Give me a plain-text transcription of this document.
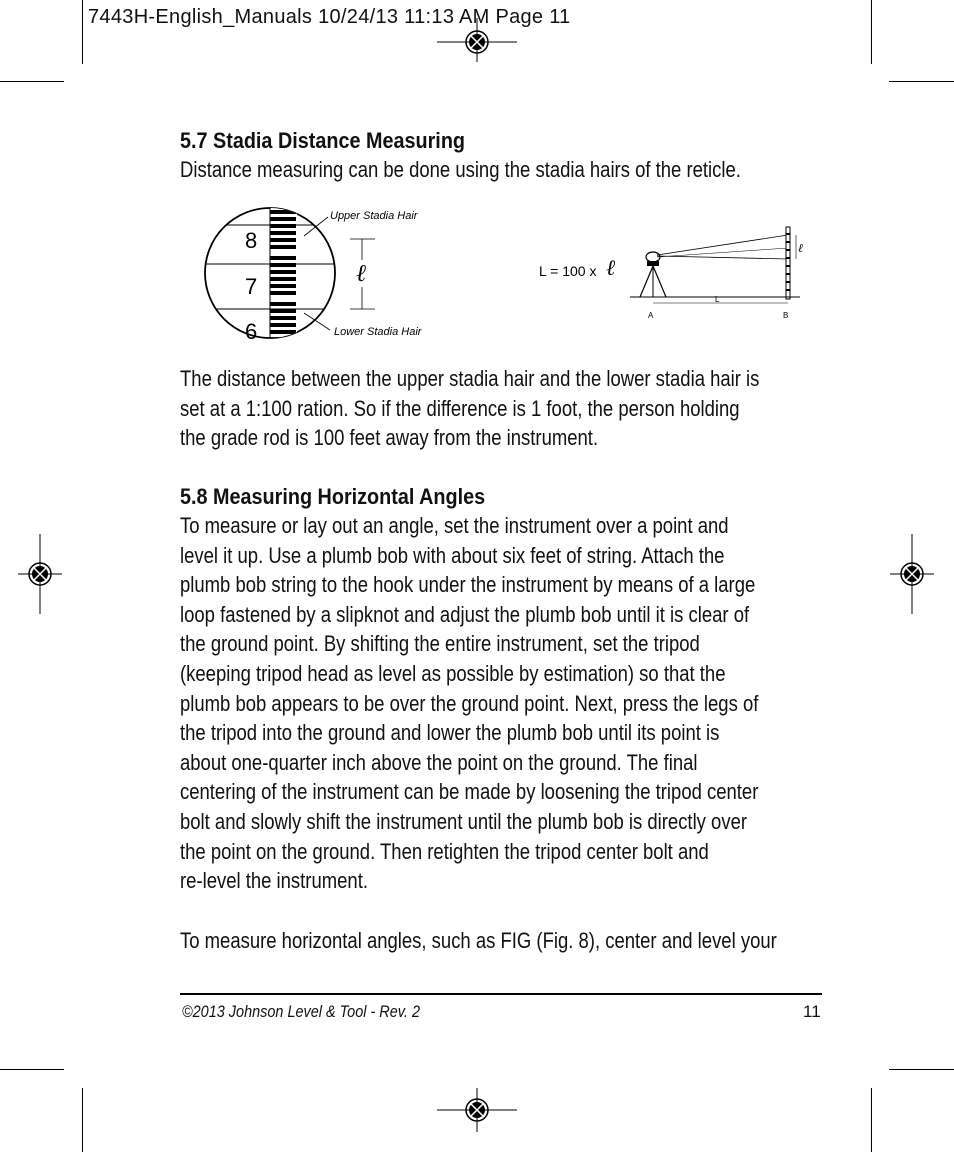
7443H-English_Manuals 10/24/13 11:13 AM Page 11
5.7 Stadia Distance Measuring

Distance measuring can be done using the stadia hairs of the reticle.

8
7
6
Upper Stadia Hair
Lower Stadia Hair
ℓ	L = 100 x ℓ
ℓ
A	B
L

The distance between the upper stadia hair and the lower stadia hair is
set at a 1:100 ration. So if the difference is 1 foot, the person holding
the grade rod is 100 feet away from the instrument.

5.8 Measuring Horizontal Angles

To measure or lay out an angle, set the instrument over a point and
level it up. Use a plumb bob with about six feet of string. Attach the
plumb bob string to the hook under the instrument by means of a large
loop fastened by a slipknot and adjust the plumb bob until it is clear of
the ground point. By shifting the entire instrument, set the tripod
(keeping tripod head as level as possible by estimation) so that the
plumb bob appears to be over the ground point. Next, press the legs of
the tripod into the ground and lower the plumb bob until its point is
about one-quarter inch above the point on the ground. The final
centering of the instrument can be made by loosening the tripod center
bolt and slowly shift the instrument until the plumb bob is directly over
the point on the ground. Then retighten the tripod center bolt and
re-level the instrument.

To measure horizontal angles, such as FIG (Fig. 8), center and level your

©2013 Johnson Level & Tool - Rev. 2	11
